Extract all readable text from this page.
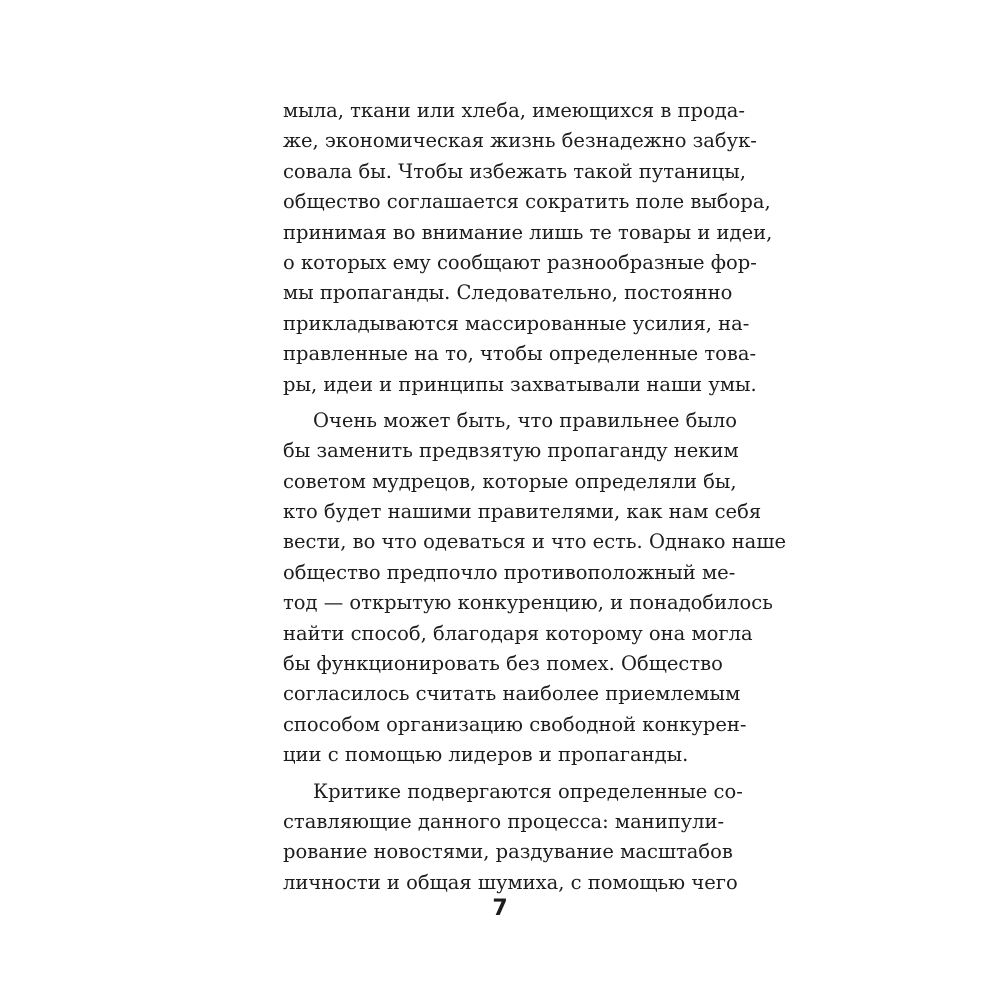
мыла, ткани или хлеба, имеющихся в прода-
же, экономическая жизнь безнадежно забук-
совала бы. Чтобы избежать такой путаницы,
общество соглашается сократить поле выбора,
принимая во внимание лишь те товары и идеи,
о которых ему сообщают разнообразные фор-
мы пропаганды. Следовательно, постоянно
прикладываются массированные усилия, на-
правленные на то, чтобы определенные това-
ры, идеи и принципы захватывали наши умы.
Очень может быть, что правильнее было
бы заменить предвзятую пропаганду неким
советом мудрецов, которые определяли бы,
кто будет нашими правителями, как нам себя
вести, во что одеваться и что есть. Однако наше
общество предпочло противоположный ме-
тод — открытую конкуренцию, и понадобилось
найти способ, благодаря которому она могла
бы функционировать без помех. Общество
согласилось считать наиболее приемлемым
способом организацию свободной конкурен-
ции с помощью лидеров и пропаганды.
Критике подвергаются определенные со-
ставляющие данного процесса: манипули-
рование новостями, раздувание масштабов
личности и общая шумиха, с помощью чего
7
